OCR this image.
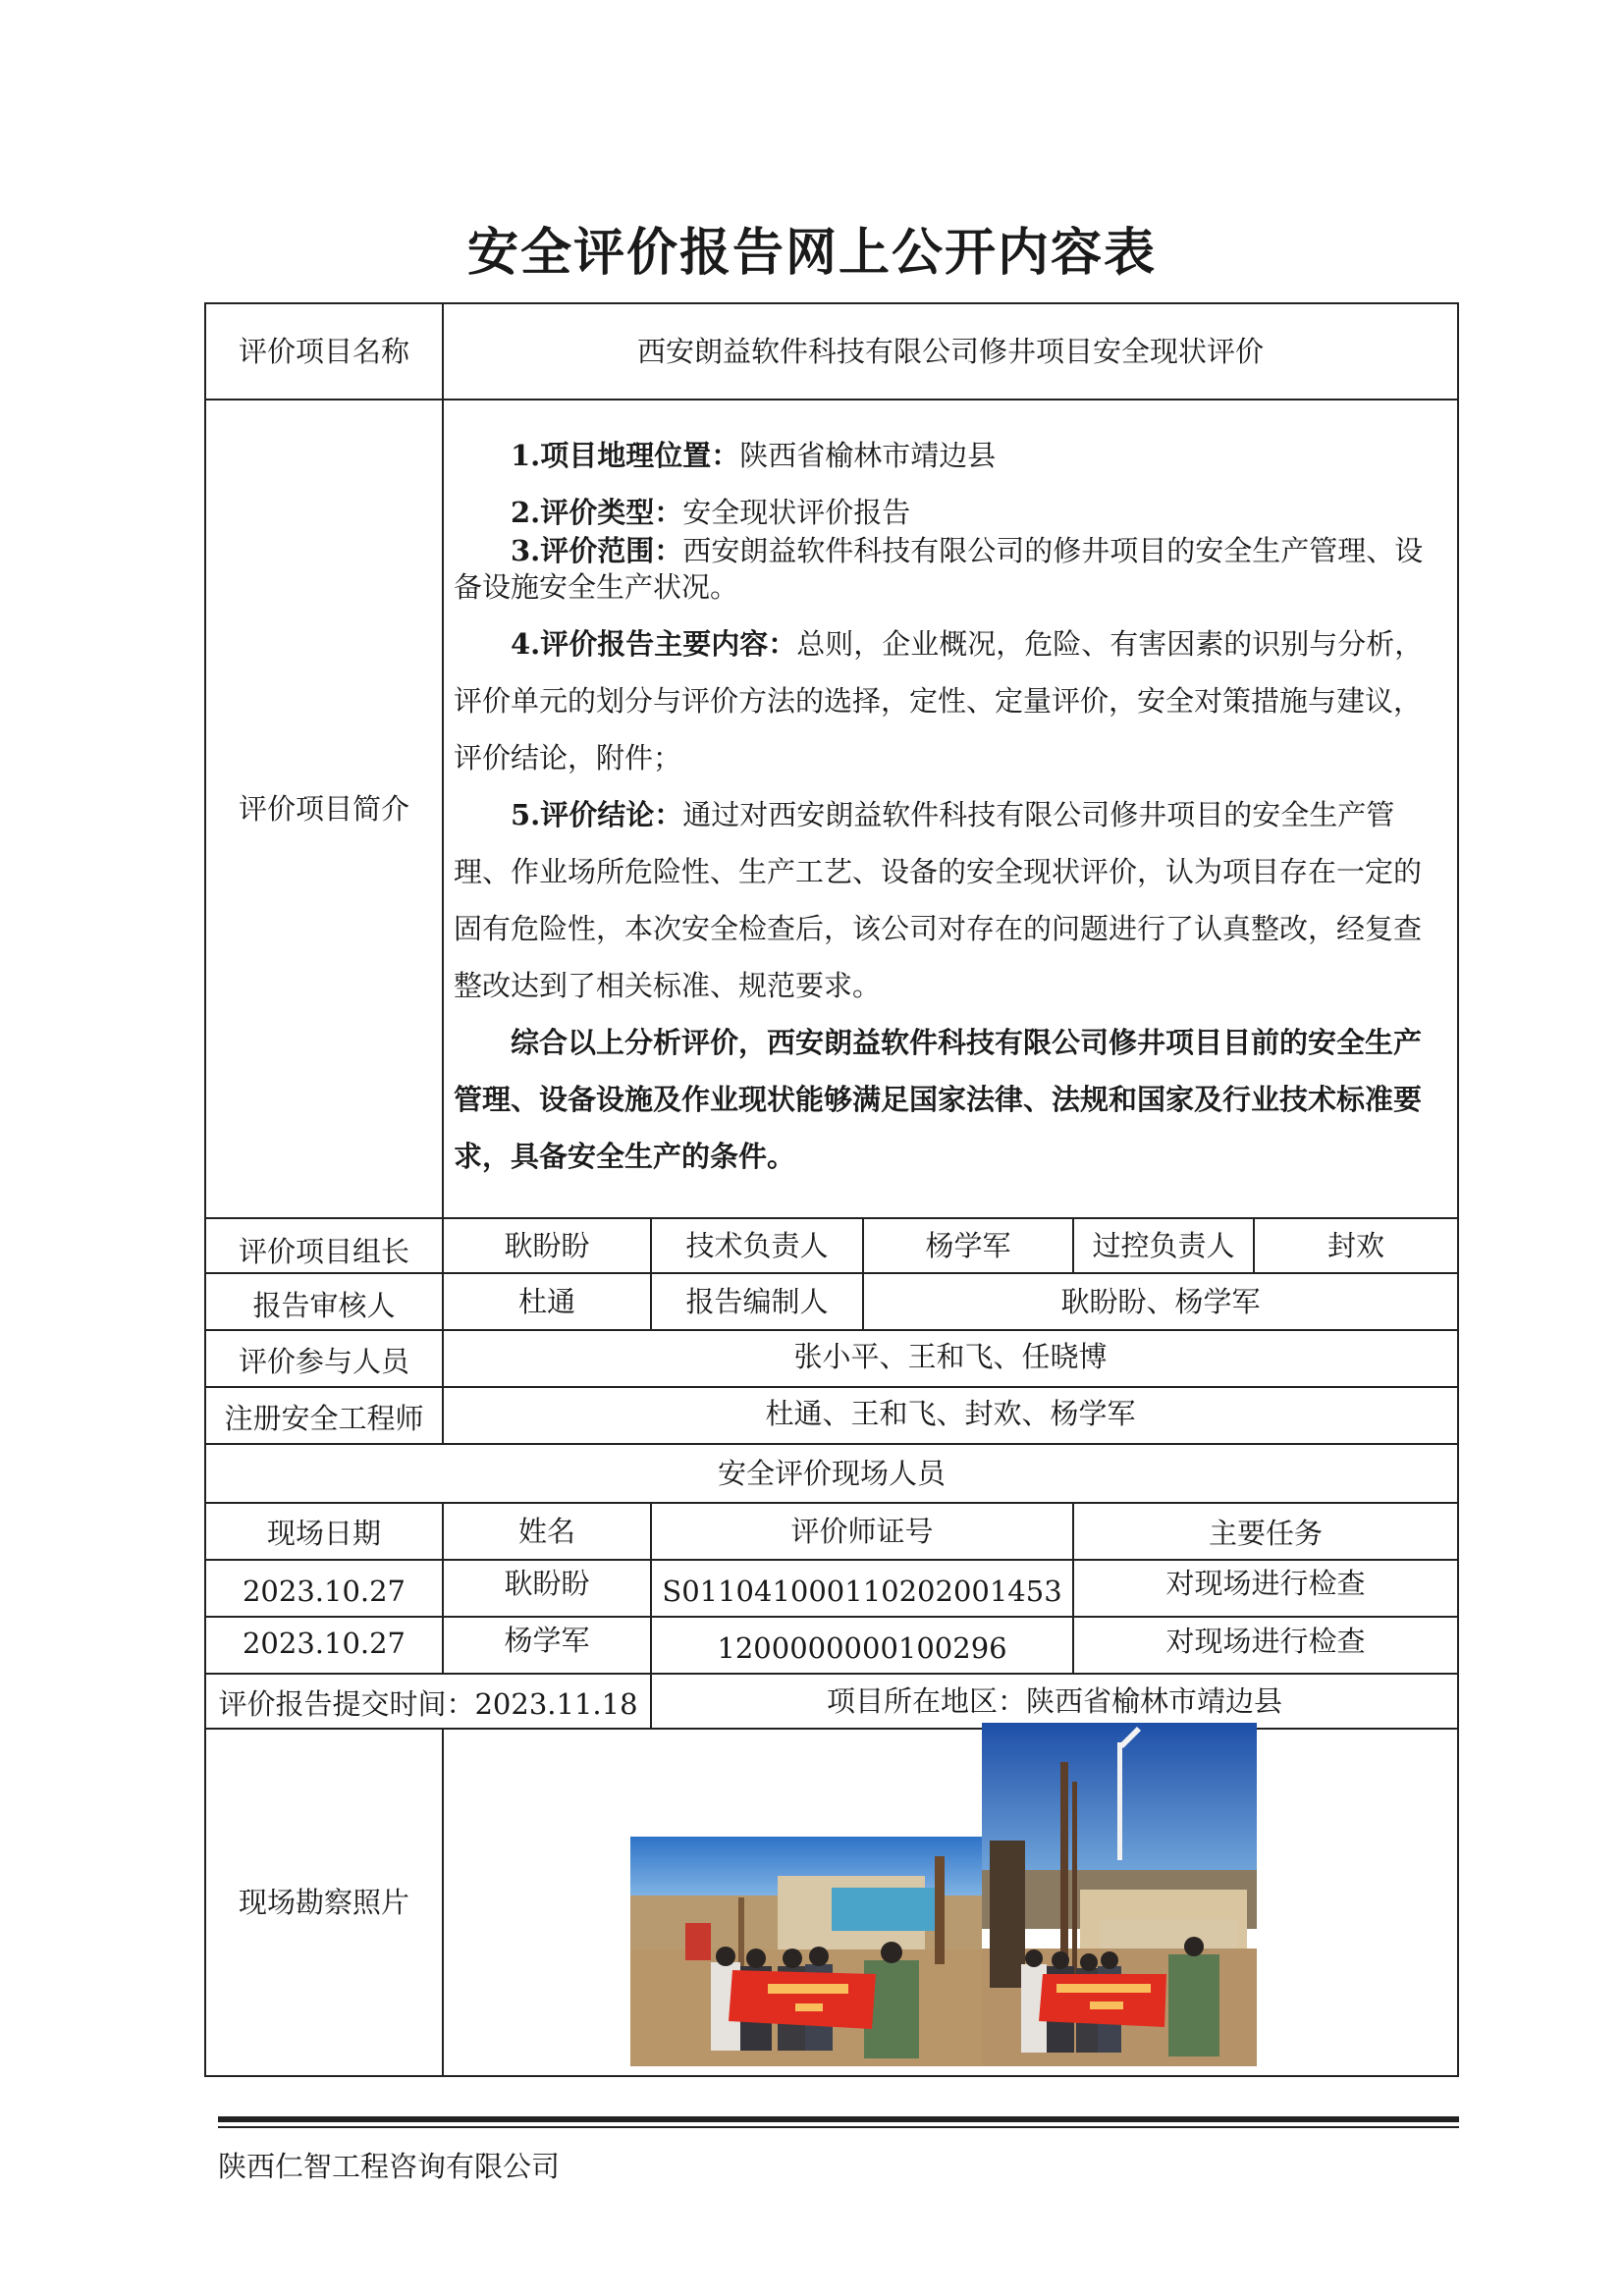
安全评价报告网上公开内容表
评价项目名称	西安朗益软件科技有限公司修井项目安全现状评价
评价项目简介

1.项目地理位置：陕西省榆林市靖边县

2.评价类型：安全现状评价报告

3.评价范围：西安朗益软件科技有限公司的修井项目的安全生产管理、设备设施安全生产状况。

4.评价报告主要内容：总则，企业概况，危险、有害因素的识别与分析，评价单元的划分与评价方法的选择，定性、定量评价，安全对策措施与建议，评价结论，附件；

5.评价结论：通过对西安朗益软件科技有限公司修井项目的安全生产管理、作业场所危险性、生产工艺、设备的安全现状评价，认为项目存在一定的固有危险性，本次安全检查后，该公司对存在的问题进行了认真整改，经复查整改达到了相关标准、规范要求。

综合以上分析评价，西安朗益软件科技有限公司修井项目目前的安全生产管理、设备设施及作业现状能够满足国家法律、法规和国家及行业技术标准要求，具备安全生产的条件。

评价项目组长	耿盼盼	技术负责人	杨学军	过控负责人	封欢
报告审核人	杜通	报告编制人	耿盼盼、杨学军
评价参与人员	张小平、王和飞、任晓博
注册安全工程师	杜通、王和飞、封欢、杨学军
安全评价现场人员
现场日期	姓名	评价师证号	主要任务
2023.10.27	耿盼盼	S011041000110202001453	对现场进行检查
2023.10.27	杨学军	1200000000100296	对现场进行检查
评价报告提交时间： 2023.11.18	项目所在地区： 陕西省榆林市靖边县
现场勘察照片
陕西仁智工程咨询有限公司
